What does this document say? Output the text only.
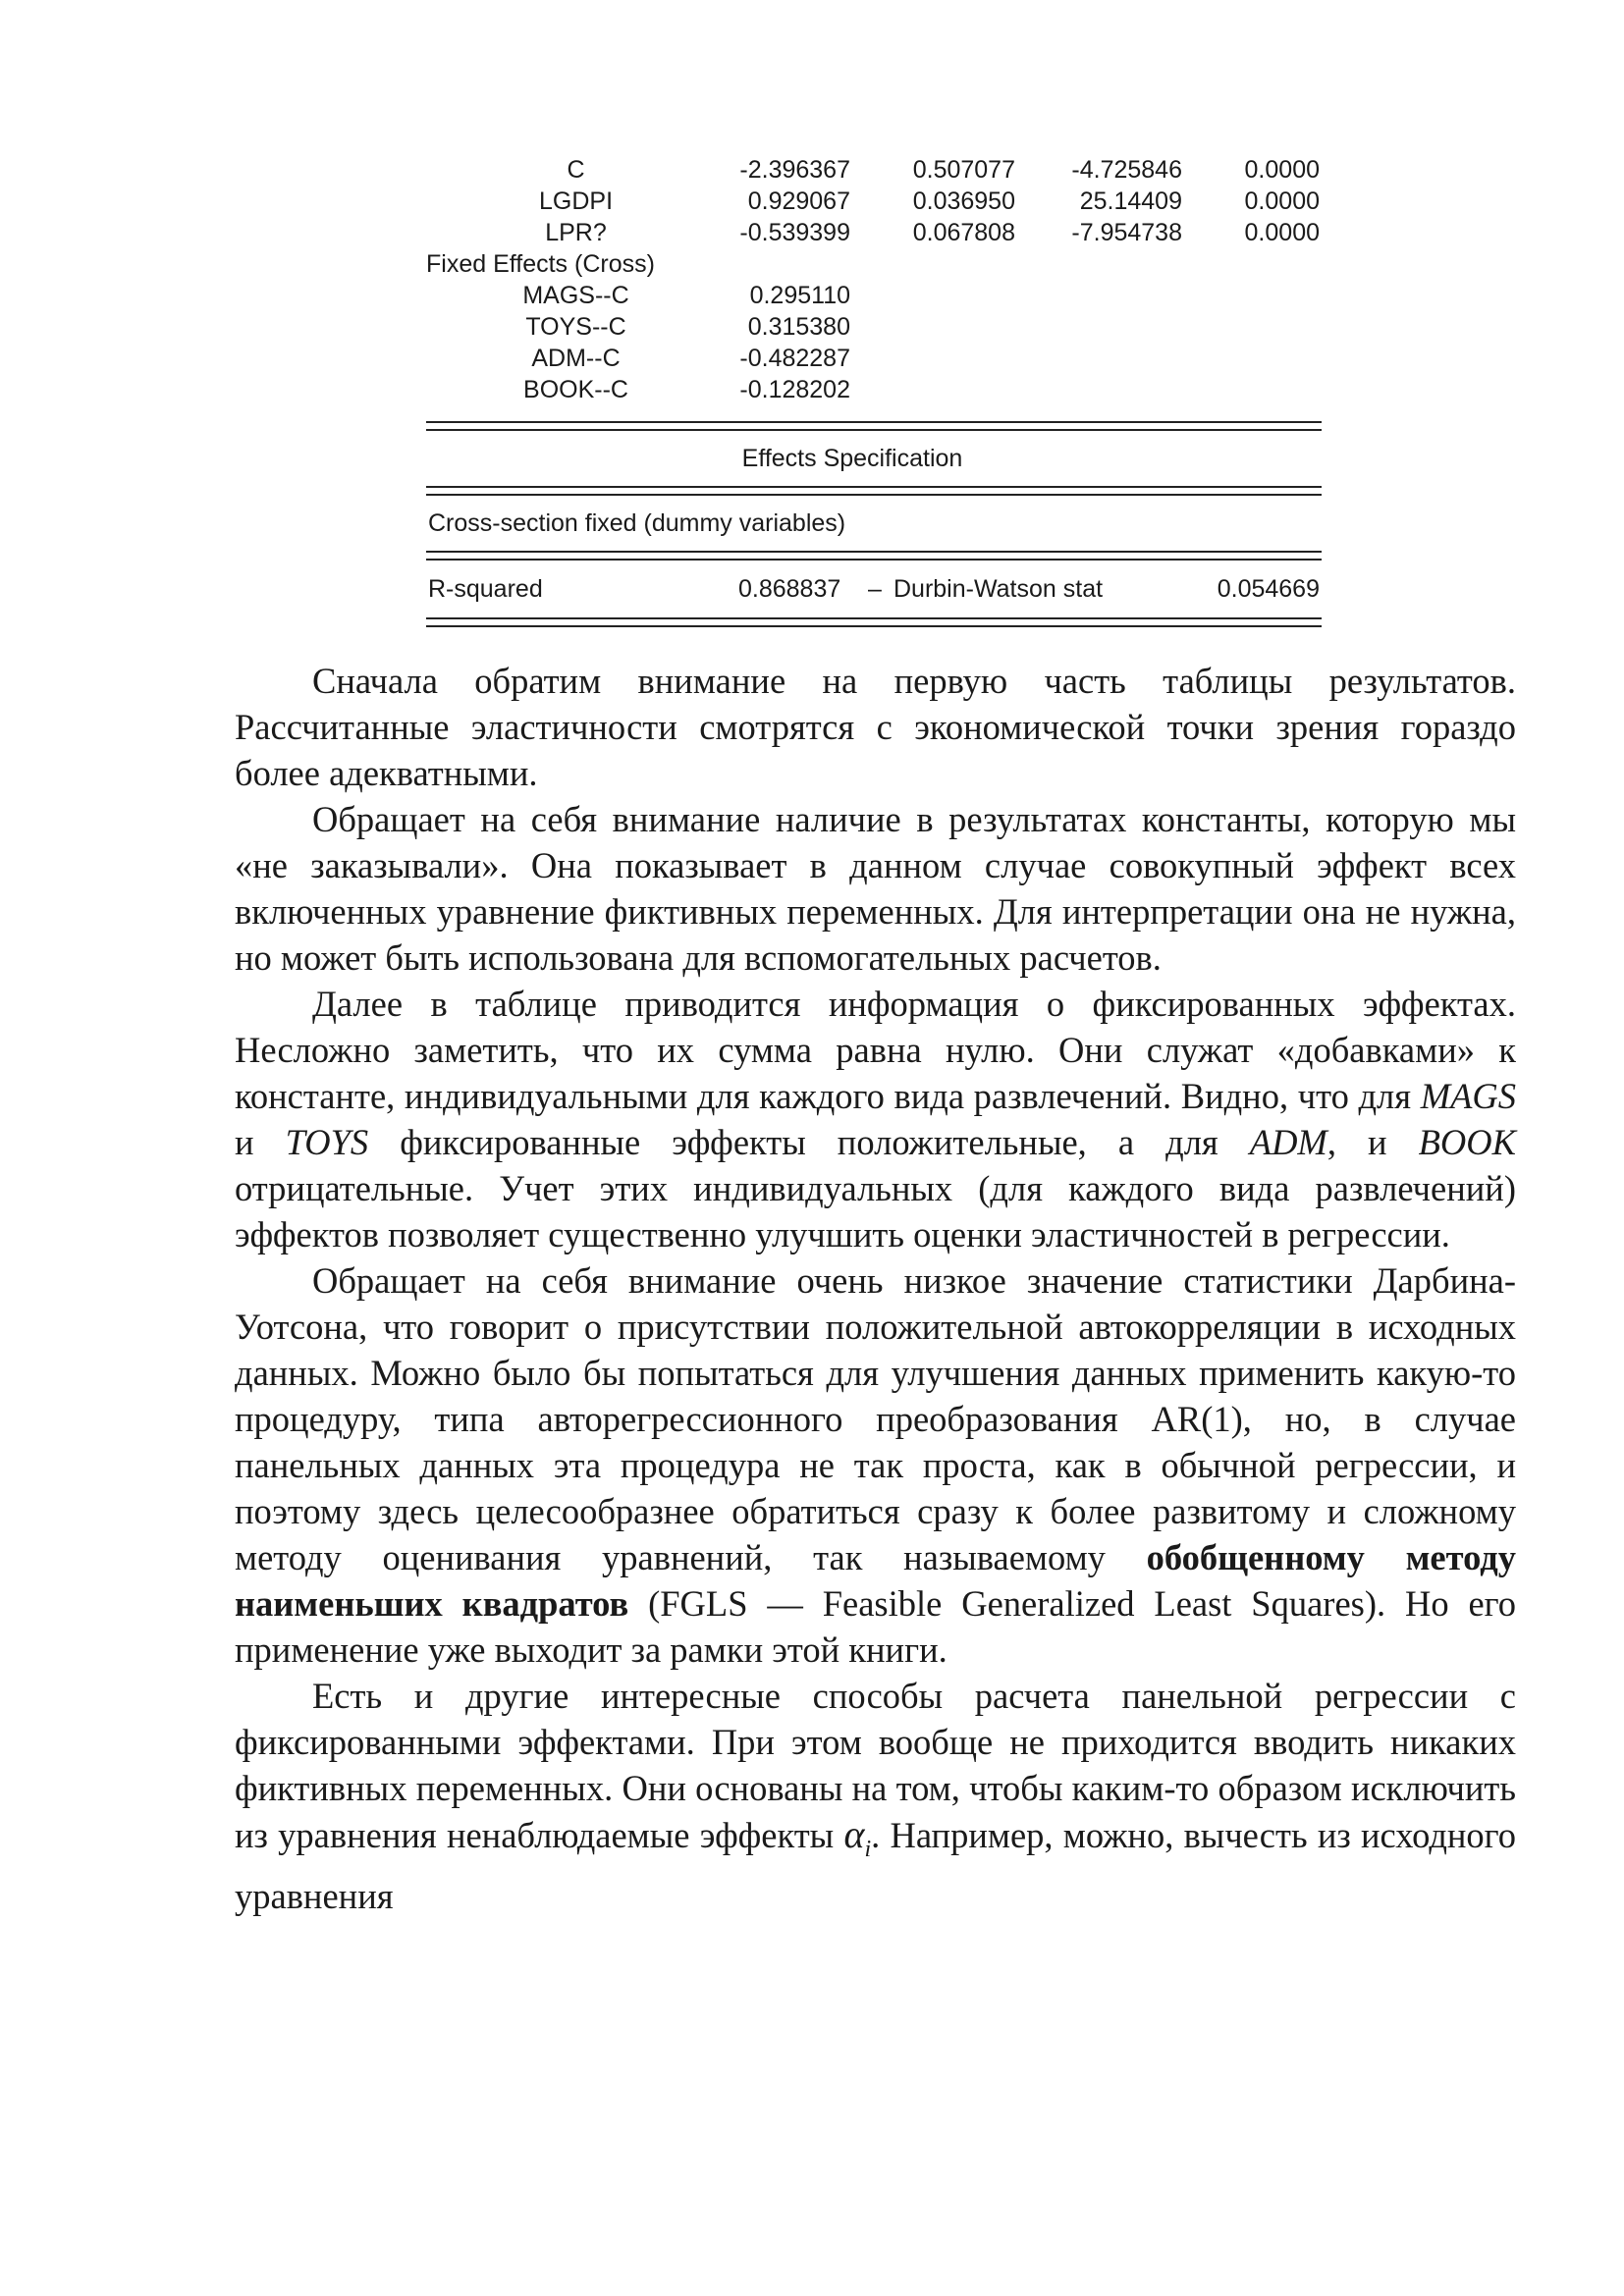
C	-2.396367	0.507077 -4.725846	0.0000
LGDPI	0.929067	0.036950	25.14409	0.0000
LPR?	-0.539399	0.067808 -7.954738	0.0000
Fixed Effects (Cross)
MAGS--C	0.295110
TOYS--C	0.315380
ADM--C	-0.482287
BOOK--C	-0.128202
Effects Specification
Cross-section fixed (dummy variables)
R-squared	0.868837 – Durbin-Watson stat	0.054669

Сначала обратим внимание на первую часть таблицы результатов. Рассчитанные эластичности смотрятся с экономической точки зрения гораздо более адекватными.

Обращает на себя внимание наличие в результатах константы, которую мы «не заказывали». Она показывает в данном случае совокупный эффект всех включенных уравнение фиктивных переменных. Для интерпретации она не нужна, но может быть использована для вспомогательных расчетов.

Далее в таблице приводится информация о фиксированных эффектах. Несложно заметить, что их сумма равна нулю. Они служат «добавками» к константе, индивидуальными для каждого вида развлечений. Видно, что для MAGS и TOYS фиксированные эффекты положительные, а для ADM, и BOOK отрицательные. Учет этих индивидуальных (для каждого вида развлечений) эффектов позволяет существенно улучшить оценки эластичностей в регрессии.

Обращает на себя внимание очень низкое значение статистики Дарбина-Уотсона, что говорит о присутствии положительной автокорреляции в исходных данных. Можно было бы попытаться для улучшения данных применить какую-то процедуру, типа авторегрессионного преобразования AR(1), но, в случае панельных данных эта процедура не так проста, как в обычной регрессии, и поэтому здесь целесообразнее обратиться сразу к более развитому и сложному методу оценивания уравнений, так называемому обобщенному методу наименьших квадратов (FGLS — Feasible Generalized Least Squares). Но его применение уже выходит за рамки этой книги.

Есть и другие интересные способы расчета панельной регрессии с фиксированными эффектами. При этом вообще не приходится вводить никаких фиктивных переменных. Они основаны на том, чтобы каким-то образом исключить из уравнения ненаблюдаемые эффекты $\alpha_i$. Например, можно, вычесть из исходного уравнения
